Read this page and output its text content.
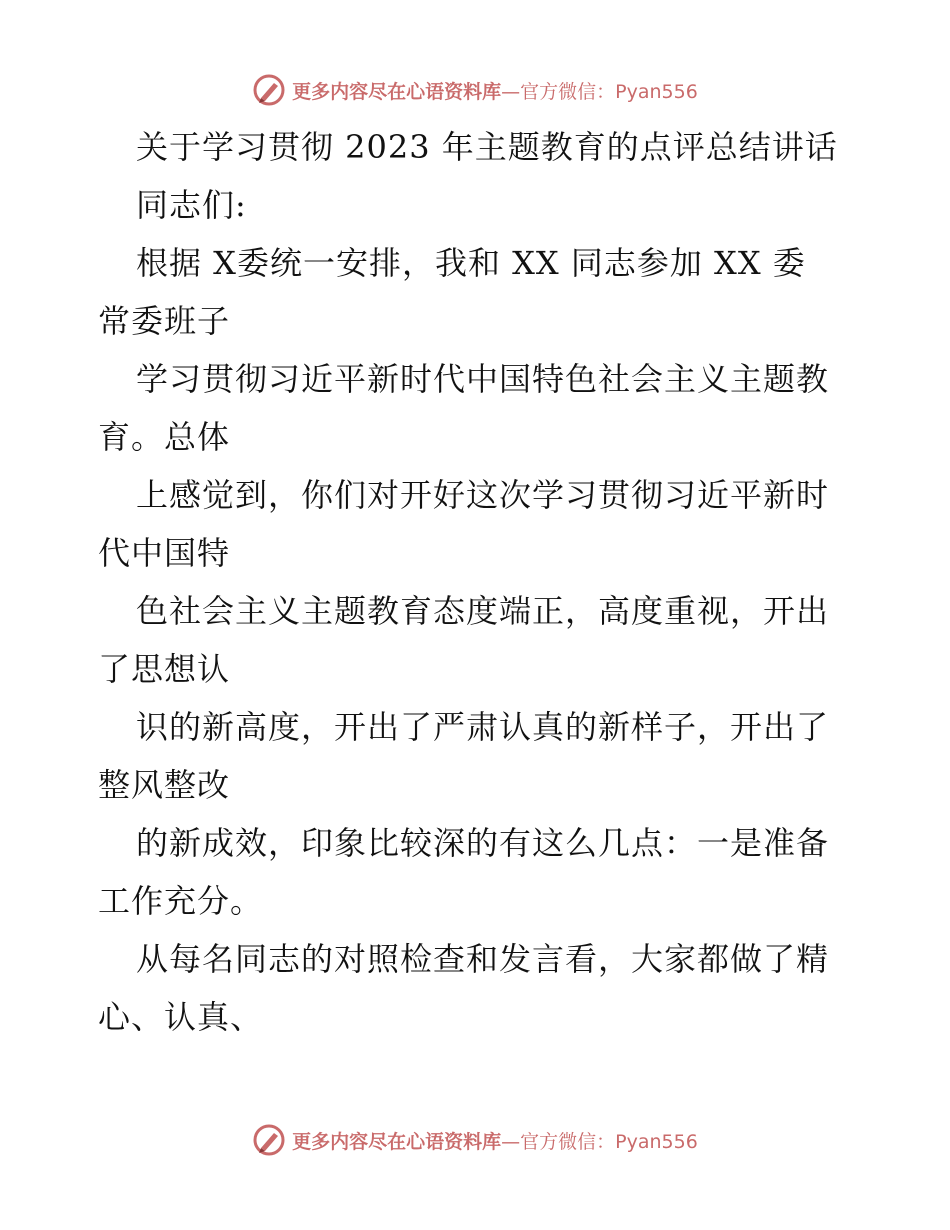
更多内容尽在心语资料库—官方微信：Pyan556
关于学习贯彻 2023 年主题教育的点评总结讲话
同志们:
根据 X委统一安排，我和 XX 同志参加 XX 委
常委班子
学习贯彻习近平新时代中国特色社会主义主题教
育。总体
上感觉到，你们对开好这次学习贯彻习近平新时
代中国特
色社会主义主题教育态度端正，高度重视，开出
了思想认
识的新高度，开出了严肃认真的新样子，开出了
整风整改
的新成效，印象比较深的有这么几点：一是准备
工作充分。
从每名同志的对照检查和发言看，大家都做了精
心、认真、
更多内容尽在心语资料库—官方微信：Pyan556
